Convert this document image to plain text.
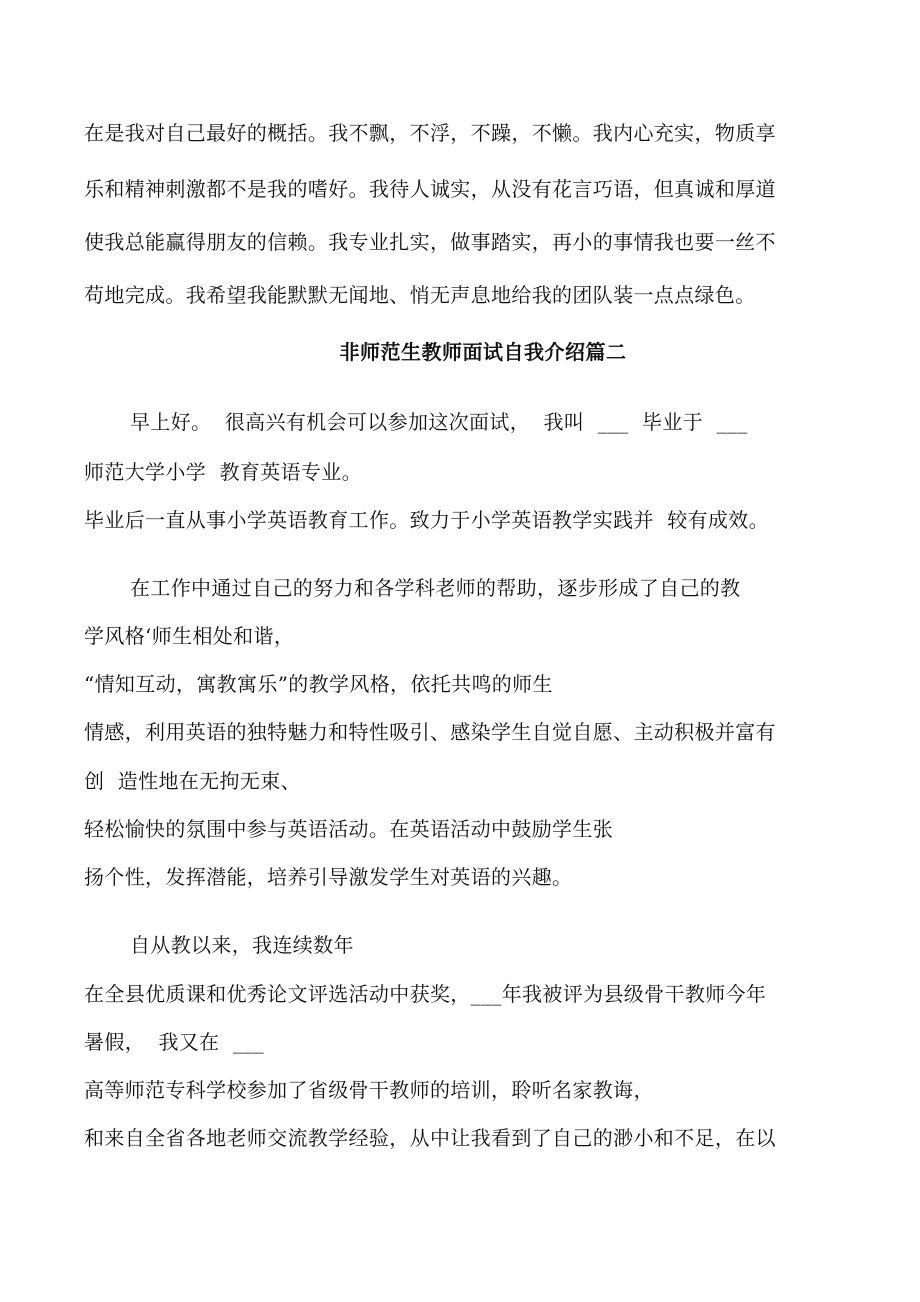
在是我对自己最好的概括。我不飘，不浮，不躁，不懒。我内心充实，物质享
乐和精神刺激都不是我的嗜好。我待人诚实，从没有花言巧语，但真诚和厚道
使我总能赢得朋友的信赖。我专业扎实，做事踏实，再小的事情我也要一丝不
苟地完成。我希望我能默默无闻地、悄无声息地给我的团队装一点点绿色。
非师范生教师面试自我介绍篇二
早上好。  很高兴有机会可以参加这次面试，  我叫  ___  毕业于  ___
师范大学小学  教育英语专业。
毕业后一直从事小学英语教育工作。致力于小学英语教学实践并  较有成效。
在工作中通过自己的努力和各学科老师的帮助，逐步形成了自己的教
学风格‘师生相处和谐，
“情知互动，寓教寓乐”的教学风格，依托共鸣的师生
情感，利用英语的独特魅力和特性吸引、感染学生自觉自愿、主动积极并富有
创  造性地在无拘无束、
轻松愉快的氛围中参与英语活动。在英语活动中鼓励学生张
扬个性，发挥潜能，培养引导激发学生对英语的兴趣。
自从教以来，我连续数年
在全县优质课和优秀论文评选活动中获奖，___年我被评为县级骨干教师今年
暑假，  我又在  ___
高等师范专科学校参加了省级骨干教师的培训，聆听名家教诲，
和来自全省各地老师交流教学经验，从中让我看到了自己的渺小和不足，在以
